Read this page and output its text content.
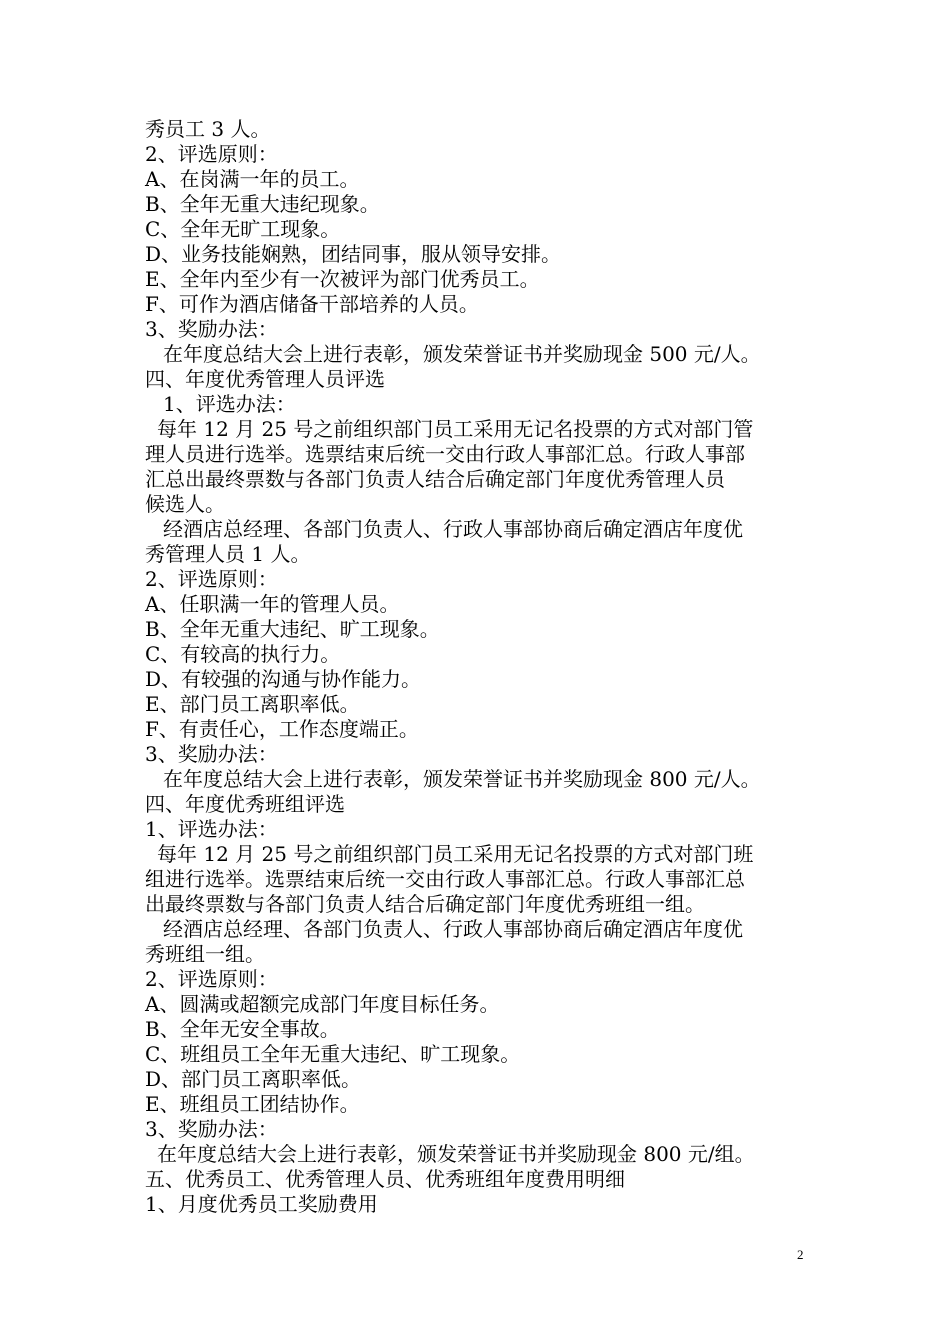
秀员工 3 人。

2、评选原则：

A、在岗满一年的员工。

B、全年无重大违纪现象。

C、全年无旷工现象。

D、业务技能娴熟，团结同事，服从领导安排。

E、全年内至少有一次被评为部门优秀员工。

F、可作为酒店储备干部培养的人员。

3、奖励办法：

在年度总结大会上进行表彰，颁发荣誉证书并奖励现金 500 元/人。

四、年度优秀管理人员评选

1、评选办法：

每年 12 月 25 号之前组织部门员工采用无记名投票的方式对部门管

理人员进行选举。选票结束后统一交由行政人事部汇总。行政人事部

汇总出最终票数与各部门负责人结合后确定部门年度优秀管理人员

候选人。

经酒店总经理、各部门负责人、行政人事部协商后确定酒店年度优

秀管理人员 1 人。

2、评选原则：

A、任职满一年的管理人员。

B、全年无重大违纪、旷工现象。

C、有较高的执行力。

D、有较强的沟通与协作能力。

E、部门员工离职率低。

F、有责任心，工作态度端正。

3、奖励办法：

在年度总结大会上进行表彰，颁发荣誉证书并奖励现金 800 元/人。

四、年度优秀班组评选

1、评选办法：

每年 12 月 25 号之前组织部门员工采用无记名投票的方式对部门班

组进行选举。选票结束后统一交由行政人事部汇总。行政人事部汇总

出最终票数与各部门负责人结合后确定部门年度优秀班组一组。

经酒店总经理、各部门负责人、行政人事部协商后确定酒店年度优

秀班组一组。

2、评选原则：

A、圆满或超额完成部门年度目标任务。

B、全年无安全事故。

C、班组员工全年无重大违纪、旷工现象。

D、部门员工离职率低。

E、班组员工团结协作。

3、奖励办法：

在年度总结大会上进行表彰，颁发荣誉证书并奖励现金 800 元/组。

五、优秀员工、优秀管理人员、优秀班组年度费用明细

1、月度优秀员工奖励费用

2
